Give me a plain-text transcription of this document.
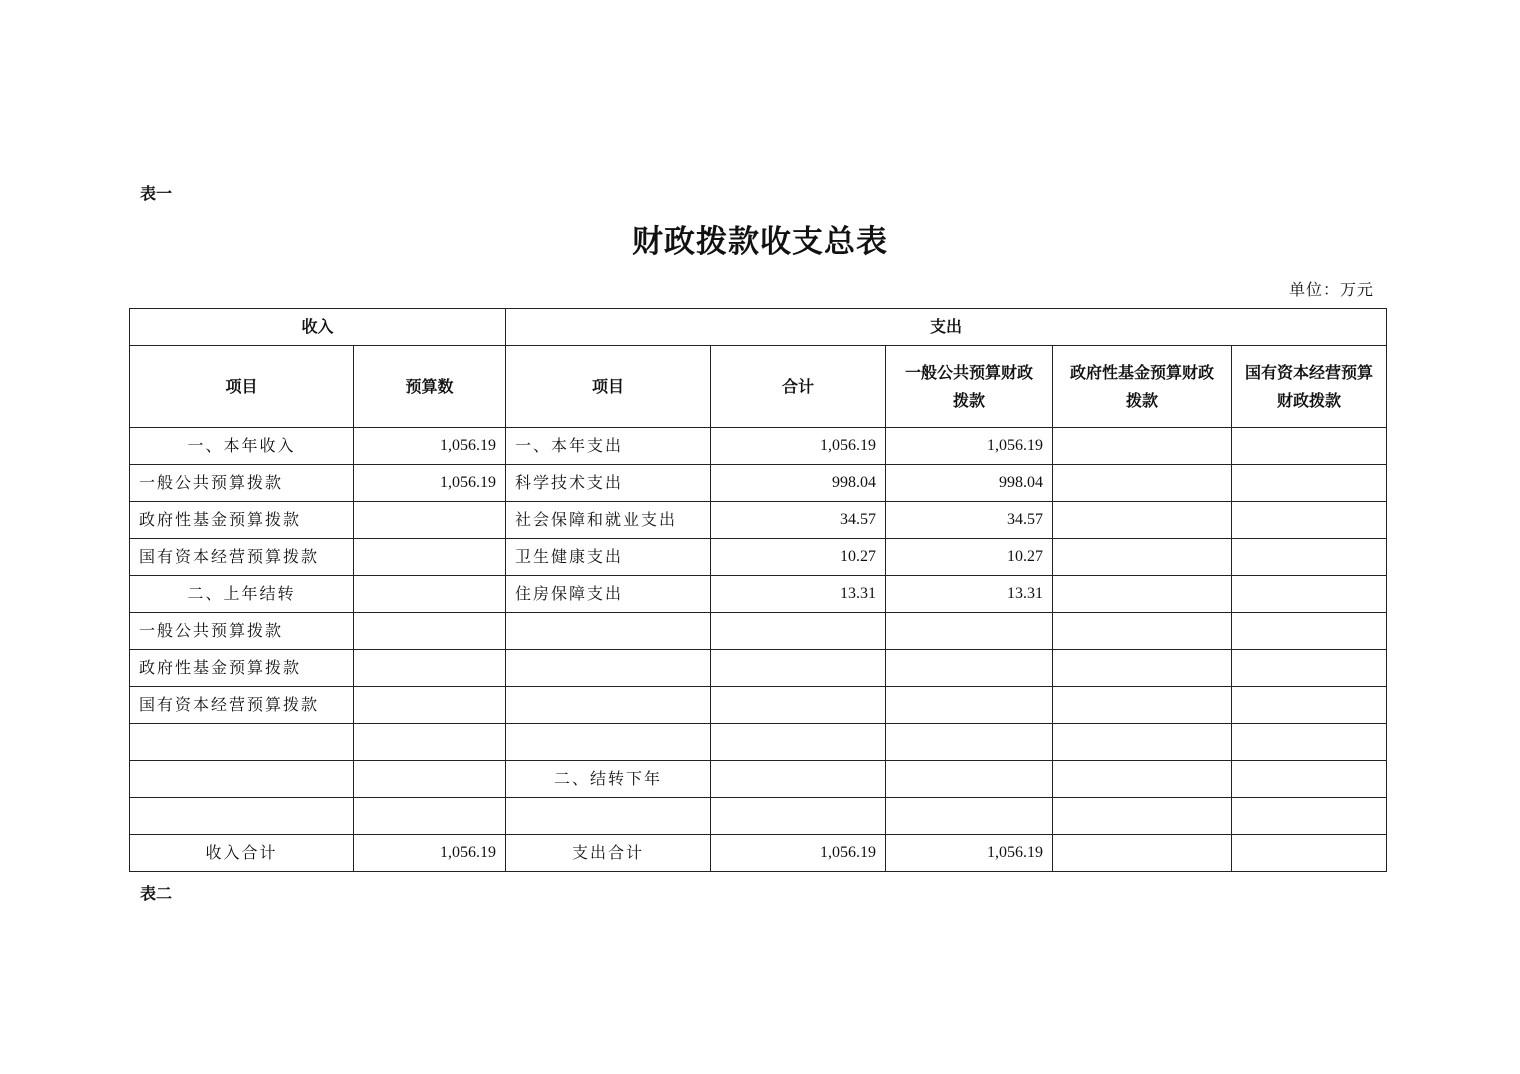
表一
财政拨款收支总表
单位：万元
收入		支出				
项目	预算数	项目	合计	一般公共预算财政拨款	政府性基金预算财政拨款	国有资本经营预算财政拨款
一、本年收入	1,056.19	一、本年支出	1,056.19	1,056.19		
一般公共预算拨款	1,056.19	科学技术支出	998.04	998.04		
政府性基金预算拨款		社会保障和就业支出	34.57	34.57		
国有资本经营预算拨款		卫生健康支出	10.27	10.27		
二、上年结转		住房保障支出	13.31	13.31		
一般公共预算拨款						
政府性基金预算拨款						
国有资本经营预算拨款						

		二、结转下年				

收入合计	1,056.19	支出合计	1,056.19	1,056.19		
表二
